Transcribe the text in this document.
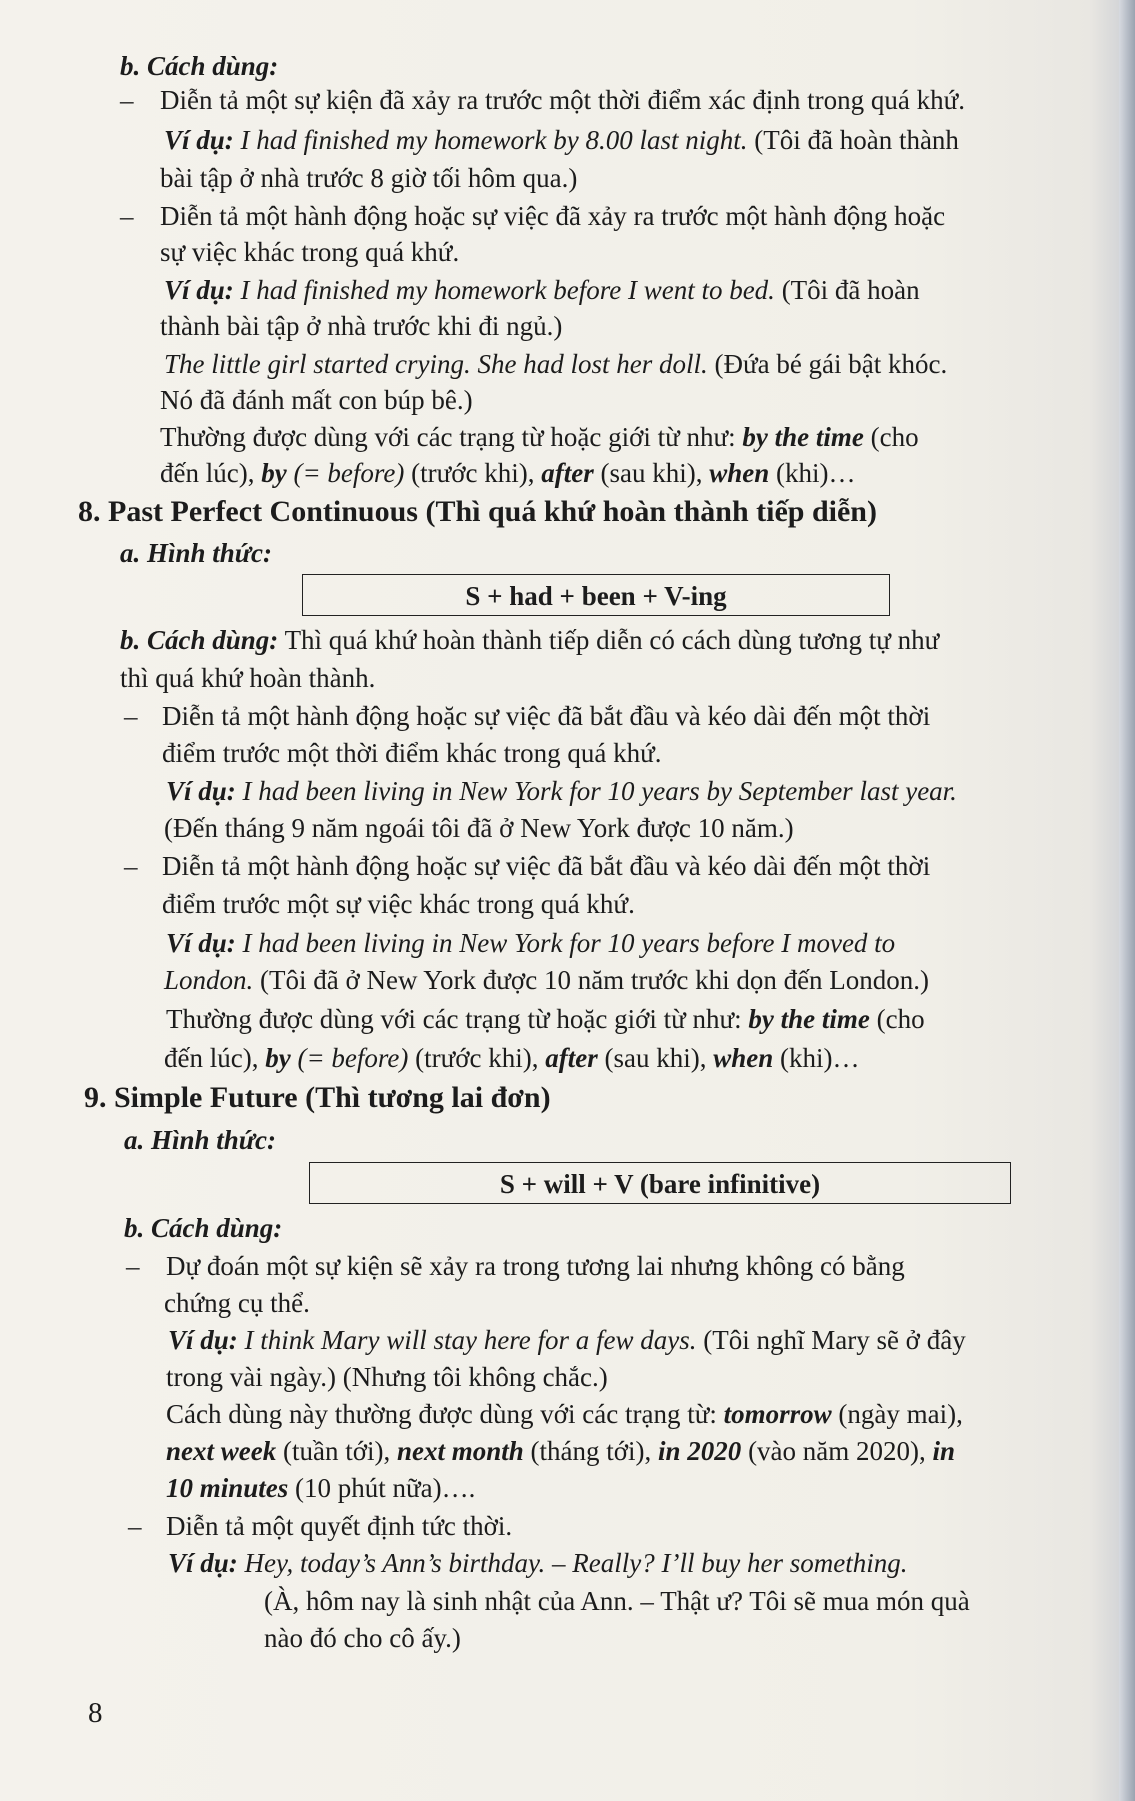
b. Cách dùng:
– Diễn tả một sự kiện đã xảy ra trước một thời điểm xác định trong quá khứ.
Ví dụ: I had finished my homework by 8.00 last night. (Tôi đã hoàn thành
bài tập ở nhà trước 8 giờ tối hôm qua.)
– Diễn tả một hành động hoặc sự việc đã xảy ra trước một hành động hoặc
sự việc khác trong quá khứ.
Ví dụ: I had finished my homework before I went to bed. (Tôi đã hoàn
thành bài tập ở nhà trước khi đi ngủ.)
The little girl started crying. She had lost her doll. (Đứa bé gái bật khóc.
Nó đã đánh mất con búp bê.)
Thường được dùng với các trạng từ hoặc giới từ như: by the time (cho
đến lúc), by (= before) (trước khi), after (sau khi), when (khi)…
8. Past Perfect Continuous (Thì quá khứ hoàn thành tiếp diễn)
a. Hình thức:
S + had + been + V-ing
b. Cách dùng: Thì quá khứ hoàn thành tiếp diễn có cách dùng tương tự như
thì quá khứ hoàn thành.
– Diễn tả một hành động hoặc sự việc đã bắt đầu và kéo dài đến một thời
điểm trước một thời điểm khác trong quá khứ.
Ví dụ: I had been living in New York for 10 years by September last year.
(Đến tháng 9 năm ngoái tôi đã ở New York được 10 năm.)
– Diễn tả một hành động hoặc sự việc đã bắt đầu và kéo dài đến một thời
điểm trước một sự việc khác trong quá khứ.
Ví dụ: I had been living in New York for 10 years before I moved to
London. (Tôi đã ở New York được 10 năm trước khi dọn đến London.)
Thường được dùng với các trạng từ hoặc giới từ như: by the time (cho
đến lúc), by (= before) (trước khi), after (sau khi), when (khi)…
9. Simple Future (Thì tương lai đơn)
a. Hình thức:
S + will + V (bare infinitive)
b. Cách dùng:
– Dự đoán một sự kiện sẽ xảy ra trong tương lai nhưng không có bằng
chứng cụ thể.
Ví dụ: I think Mary will stay here for a few days. (Tôi nghĩ Mary sẽ ở đây
trong vài ngày.) (Nhưng tôi không chắc.)
Cách dùng này thường được dùng với các trạng từ: tomorrow (ngày mai),
next week (tuần tới), next month (tháng tới), in 2020 (vào năm 2020), in
10 minutes (10 phút nữa)….
– Diễn tả một quyết định tức thời.
Ví dụ: Hey, today’s Ann’s birthday. – Really? I’ll buy her something.
(À, hôm nay là sinh nhật của Ann. – Thật ư? Tôi sẽ mua món quà
nào đó cho cô ấy.)
8
